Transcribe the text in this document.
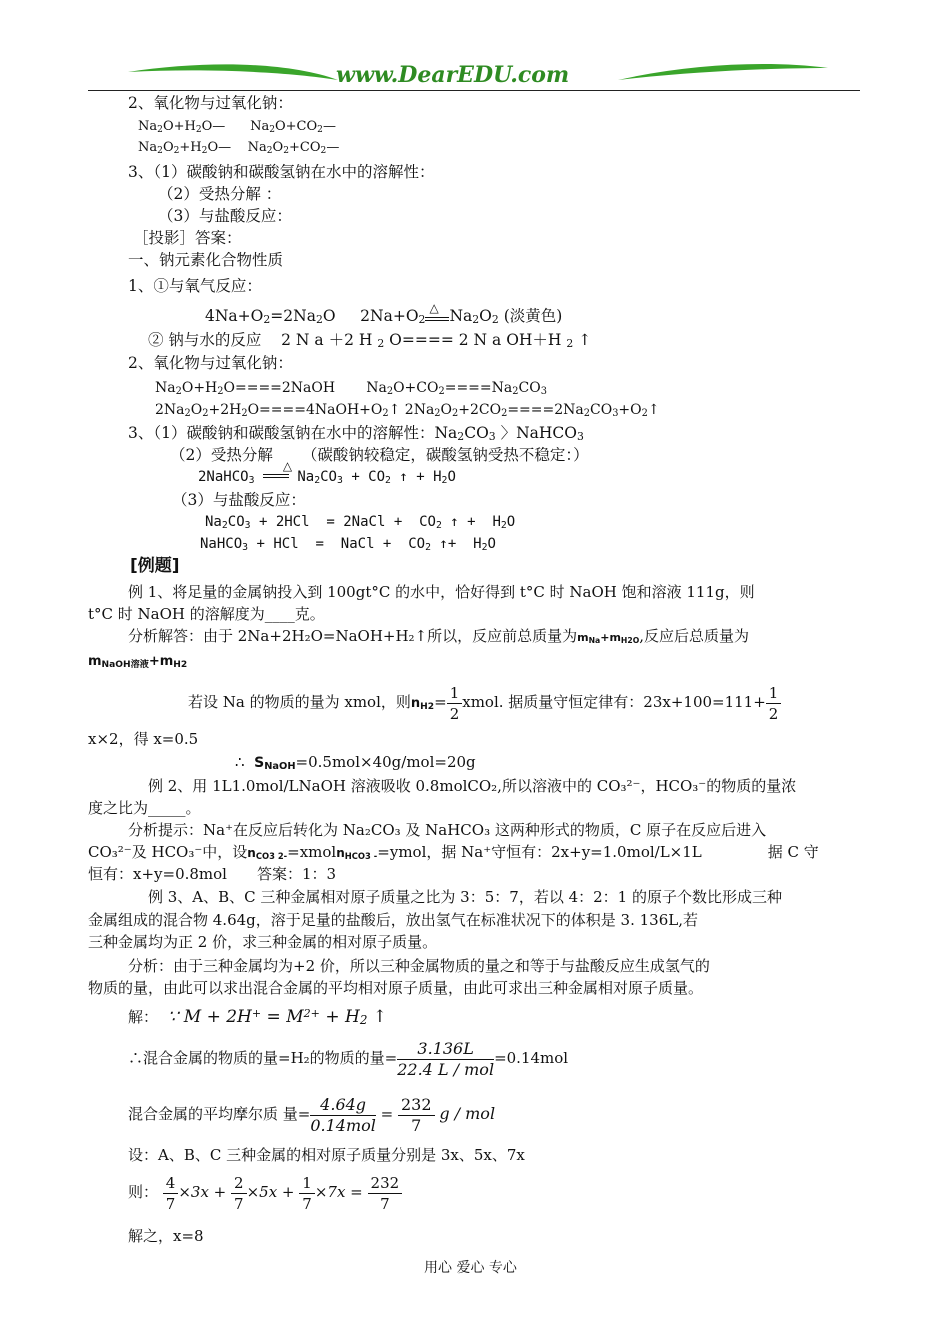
www.DearEDU.com
2、氧化物与过氧化钠：
$Na_2O+H_2O—$      $Na_2O+CO_2—$
$Na_2O_2+H_2O—$    $Na_2O_2+CO_2—$
3、（1）碳酸钠和碳酸氢钠在水中的溶解性：
（2）受热分解 ：
（3）与盐酸反应：
［投影］答案：
一、钠元素化合物性质
1、①与氧气反应：
$4Na+O_2=2Na_2O$     $2Na+O_2$
△ $Na_2O_2$ (淡黄色)
② 钠与水的反应    2 N a ＋2 H $_2$ O==== 2 N a OH＋H $_2$ ↑
2、氧化物与过氧化钠：
$Na_2O+H_2O====2NaOH$       $Na_2O+CO_2====Na_2CO_3$
$2Na_2O_2+2H_2O====4NaOH+O_2↑$ $2Na_2O_2+2CO_2====2Na_2CO_3+O_2↑$
3、（1）碳酸钠和碳酸氢钠在水中的溶解性：$Na_2CO_3$ 〉NaHCO$_3$
（2）受热分解
△
（碳酸钠较稳定，碳酸氢钠受热不稳定：）
2NaHCO$_3$  $Na_2CO_3 + CO_2$ ↑ + $H_2O$
（3）与盐酸反应：
$Na_2CO_3 + 2HCl$  = 2NaCl +  $CO_2$ ↑ +  $H_2O$
NaHCO$_3$ + HCl  =  NaCl +  $CO_2$ ↑+  $H_2O$
[例题]
例 1、将足量的金属钠投入到 100gt°C 的水中，恰好得到 t°C 时 NaOH 饱和溶液 111g，则
t°C 时 NaOH 的溶解度为____克。
分析解答：由于 2Na+2H₂O=NaOH+H₂↑所以，反应前总质量为$m_{Na}+m_{H2O}$,反应后总质量为
$m_{NaOH溶液}+m_{H2}$
若设 Na 的物质的量为 xmol，则$n_{H2}= \frac{1}{2}$ xmol. 据质量守恒定律有：$23x+100=111+ \frac{1}{2}$
x×2，得 x=0.5
∴  $S_{NaOH}=0.5mol\times 40g/mol=20g$
例 2、用 1L1.0mol/LNaOH 溶液吸收 0.8molCO₂,所以溶液中的 CO₃²⁻，HCO₃⁻的物质的量浓
度之比为_____。
分析提示：Na⁺在反应后转化为 Na₂CO₃ 及 NaHCO₃ 这两种形式的物质，C 原子在反应后进入
CO₃²⁻及 HCO₃⁻中，设$n_{CO3 2-}=xmoln_{HCO3 -}=ymol$，据 Na⁺守恒有：2x+y=1.0mol/L×1L	据 C 守
恒有：x+y=0.8mol　　答案：1：3
例 3、A、B、C 三种金属相对原子质量之比为 3：5：7，若以 4：2：1 的原子个数比形成三种
金属组成的混合物 4.64g，溶于足量的盐酸后，放出氢气在标准状况下的体积是 3. 136L,若
三种金属均为正 2 价，求三种金属的相对原子质量。
分析：由于三种金属均为+2 价，所以三种金属物质的量之和等于与盐酸反应生成氢气的
物质的量，由此可以求出混合金属的平均相对原子质量，由此可求出三种金属相对原子质量。
解： ∵ $M + 2H^+ = M^{2+} + H_2$ ↑
∴混合金属的物质的量=H₂的物质的量= $\frac{3.136L}{\text{22.4 L / mol}} =0.14mol$
混合金属的平均摩尔质 量= $\frac{4.64g}{\text{0.14mol}} = \frac{232}{7}$ g / mol
设：A、B、C 三种金属的相对原子质量分别是 3x、5x、7x
则： $\frac{4}{7} \times 3x + \frac{2}{7} \times 5x + \frac{1}{7} \times 7x = \frac{232}{7}$
解之，x=8
用心 爱心 专心
